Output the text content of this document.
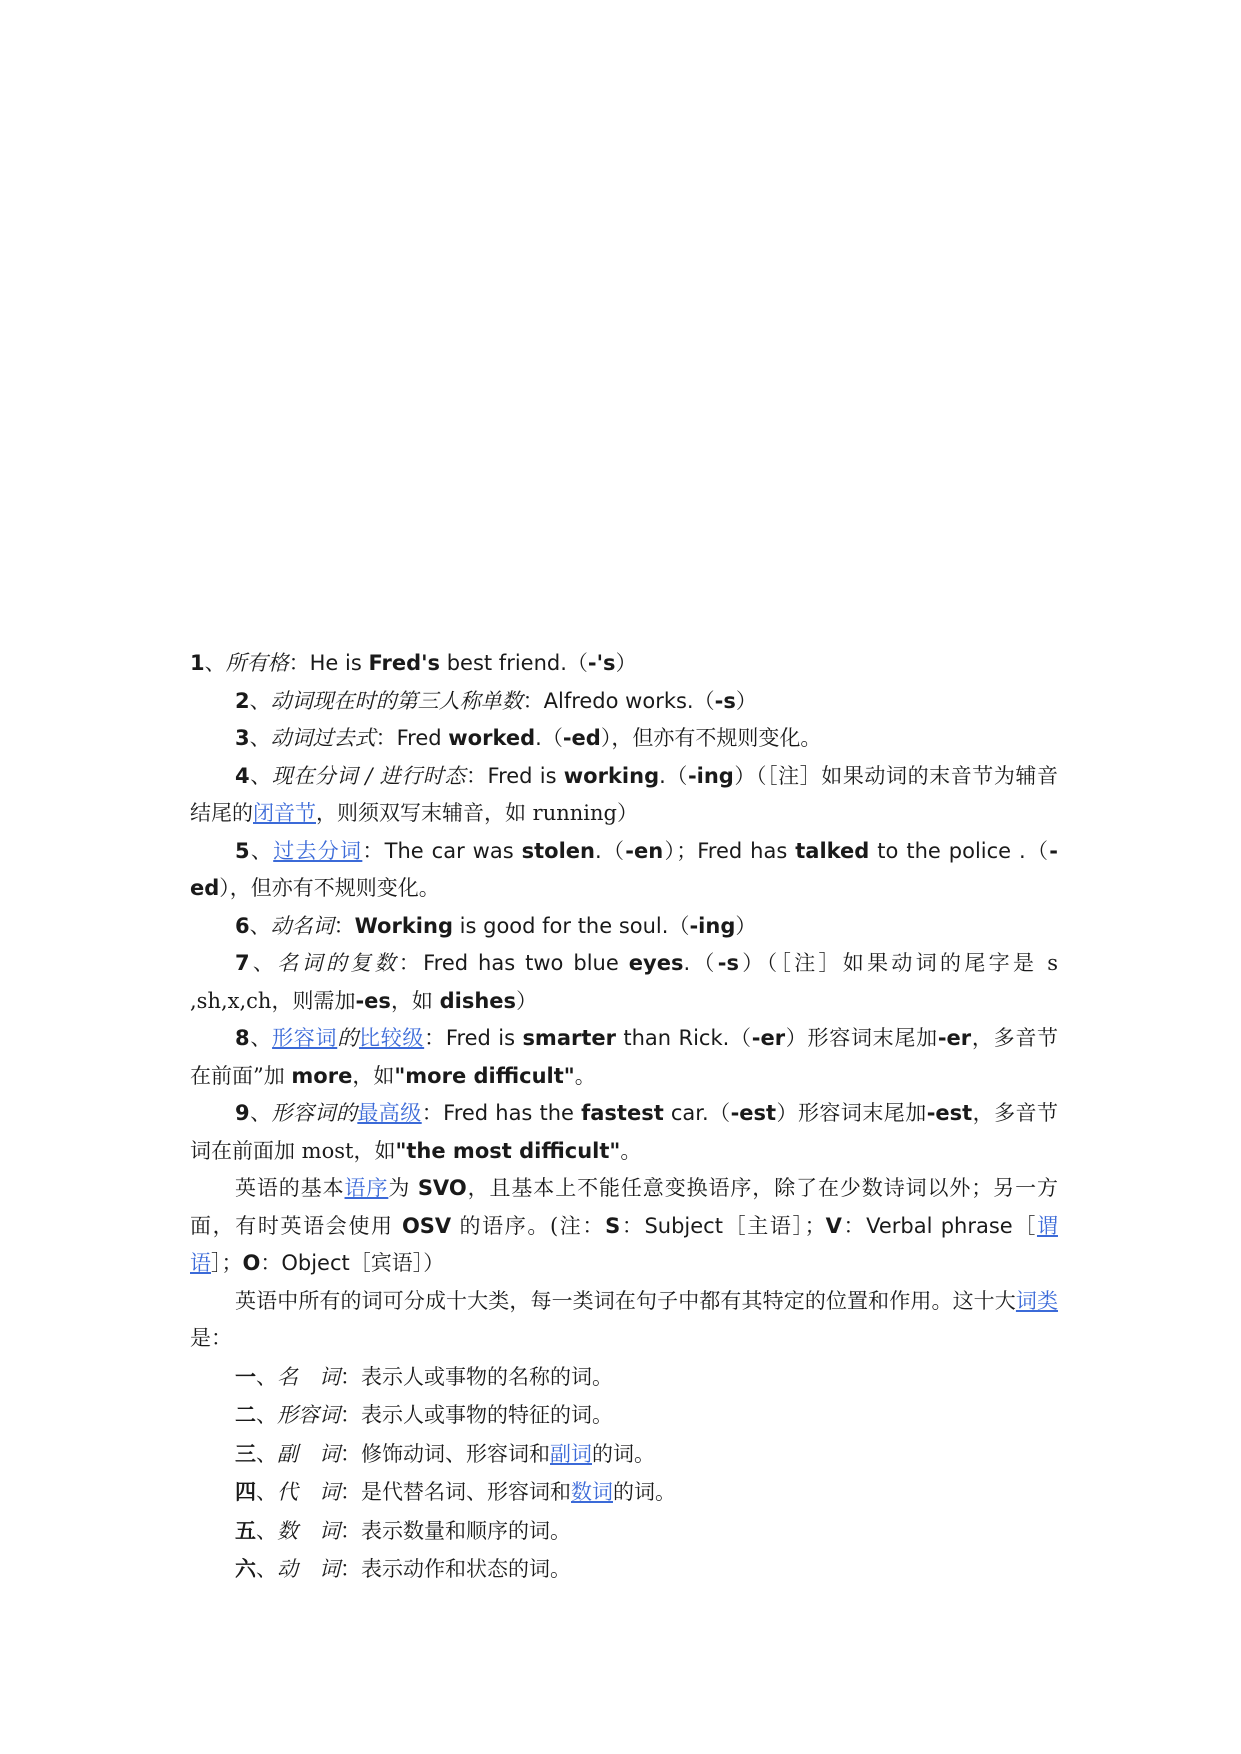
1、所有格：He is Fred's best friend.（-'s）

2、动词现在时的第三人称单数：Alfredo works.（-s）

3、动词过去式：Fred worked.（-ed），但亦有不规则变化。

4、现在分词 / 进行时态：Fred is working.（-ing）（［注］如果动词的末音节为辅音结尾的闭音节，则须双写末辅音，如 running）

5、过去分词：The car was stolen.（-en）；Fred has talked to the police .（-ed），但亦有不规则变化。

6、动名词：Working is good for the soul.（-ing）

7、名词的复数：Fred has two blue eyes.（-s）（［注］如果动词的尾字是 s ,sh,x,ch，则需加-es，如 dishes）

8、形容词的比较级：Fred is smarter than Rick.（-er）形容词末尾加-er，多音节在前面”加 more，如"more difficult"。

9、形容词的最高级：Fred has the fastest car.（-est）形容词末尾加-est，多音节词在前面加 most，如"the most difficult"。

英语的基本语序为 SVO，且基本上不能任意变换语序，除了在少数诗词以外；另一方面，有时英语会使用 OSV 的语序。(注：S：Subject［主语］；V：Verbal phrase［谓语］；O：Object［宾语］）

英语中所有的词可分成十大类，每一类词在句子中都有其特定的位置和作用。这十大词类是：

一、名　词：表示人或事物的名称的词。

二、形容词：表示人或事物的特征的词。

三、副　词：修饰动词、形容词和副词的词。

四、代　词：是代替名词、形容词和数词的词。

五、数　词：表示数量和顺序的词。

六、动　词：表示动作和状态的词。
